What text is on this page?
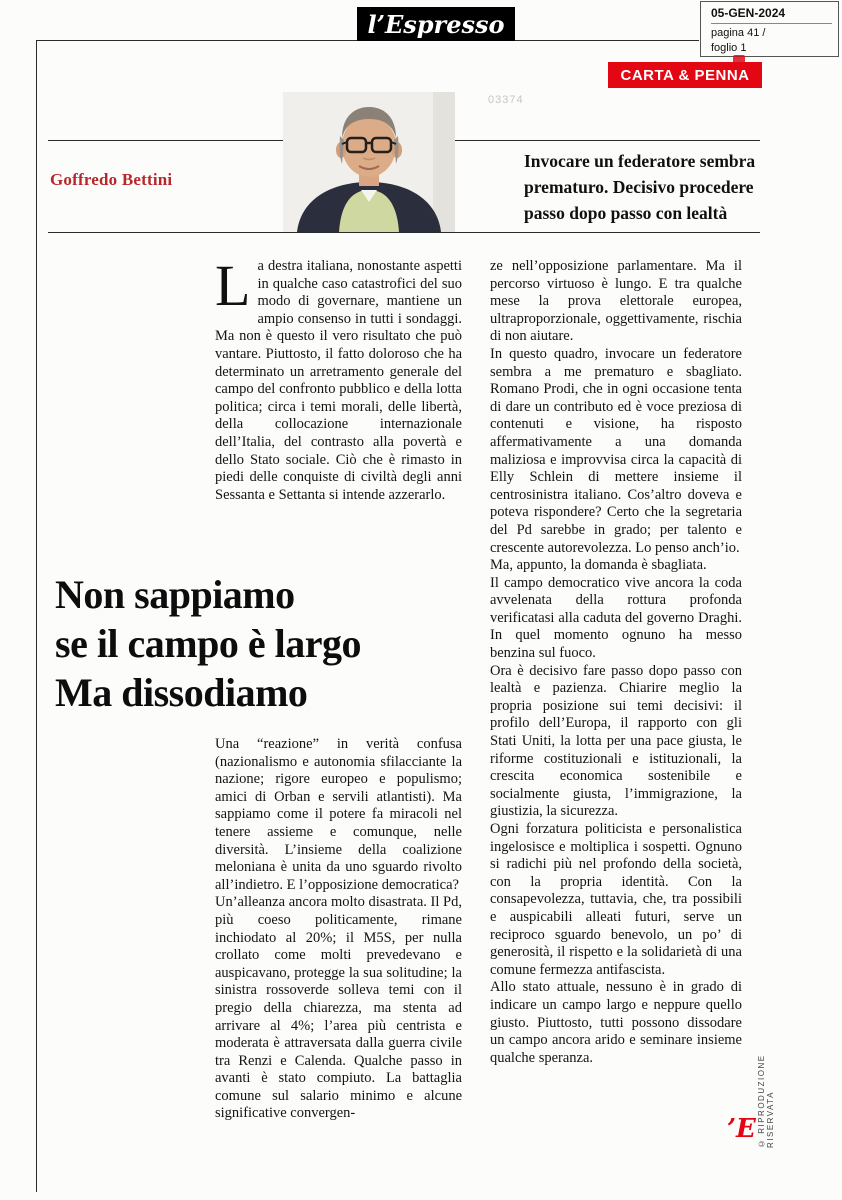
l’Espresso	05-GEN-2024
pagina 41 /
foglio 1
CARTA & PENNA
03374
Goffredo Bettini
Invocare un federatore sembra prematuro. Decisivo procedere passo dopo passo con lealtà

La destra italiana, nonostante aspetti in qualche caso catastrofici del suo modo di governare, mantiene un ampio consenso in tutti i sondaggi. Ma non è questo il vero risultato che può vantare. Piuttosto, il fatto doloroso che ha determinato un arretramento generale del campo del confronto pubblico e della lotta politica; circa i temi morali, delle libertà, della collocazione internazionale dell’Italia, del contrasto alla povertà e dello Stato sociale. Ciò che è rimasto in piedi delle conquiste di civiltà degli anni Sessanta e Settanta si intende azzerarlo.

Non sappiamo
se il campo è largo
Ma dissodiamo

Una “reazione” in verità confusa (nazionalismo e autonomia sfilacciante la nazione; rigore europeo e populismo; amici di Orban e servili atlantisti). Ma sappiamo come il potere fa miracoli nel tenere assieme e comunque, nelle diversità. L’insieme della coalizione meloniana è unita da uno sguardo rivolto all’indietro. E l’opposizione democratica?

Un’alleanza ancora molto disastrata. Il Pd, più coeso politicamente, rimane inchiodato al 20%; il M5S, per nulla crollato come molti prevedevano e auspicavano, protegge la sua solitudine; la sinistra rossoverde solleva temi con il pregio della chiarezza, ma stenta ad arrivare al 4%; l’area più centrista e moderata è attraversata dalla guerra civile tra Renzi e Calenda. Qualche passo in avanti è stato compiuto. La battaglia comune sul salario minimo e alcune significative convergen-

ze nell’opposizione parlamentare. Ma il percorso virtuoso è lungo. E tra qualche mese la prova elettorale europea, ultraproporzionale, oggettivamente, rischia di non aiutare.

In questo quadro, invocare un federatore sembra a me prematuro e sbagliato. Romano Prodi, che in ogni occasione tenta di dare un contributo ed è voce preziosa di contenuti e visione, ha risposto affermativamente a una domanda maliziosa e improvvisa circa la capacità di Elly Schlein di mettere insieme il centrosinistra italiano. Cos’altro doveva e poteva rispondere? Certo che la segretaria del Pd sarebbe in grado; per talento e crescente autorevolezza. Lo penso anch’io.

Ma, appunto, la domanda è sbagliata.

Il campo democratico vive ancora la coda avvelenata della rottura profonda verificatasi alla caduta del governo Draghi. In quel momento ognuno ha messo benzina sul fuoco.

Ora è decisivo fare passo dopo passo con lealtà e pazienza. Chiarire meglio la propria posizione sui temi decisivi: il profilo dell’Europa, il rapporto con gli Stati Uniti, la lotta per una pace giusta, le riforme costituzionali e istituzionali, la crescita economica sostenibile e socialmente giusta, l’immigrazione, la giustizia, la sicurezza.

Ogni forzatura politicista e personalistica ingelosisce e moltiplica i sospetti. Ognuno si radichi più nel profondo della società, con la propria identità. Con la consapevolezza, tuttavia, che, tra possibili e auspicabili alleati futuri, serve un reciproco sguardo benevolo, un po’ di generosità, il rispetto e la solidarietà di una comune fermezza antifascista.

Allo stato attuale, nessuno è in grado di indicare un campo largo e neppure quello giusto. Piuttosto, tutti possono dissodare un campo ancora arido e seminare insieme qualche speranza.	© RIPRODUZIONE RISERVATA
’E
